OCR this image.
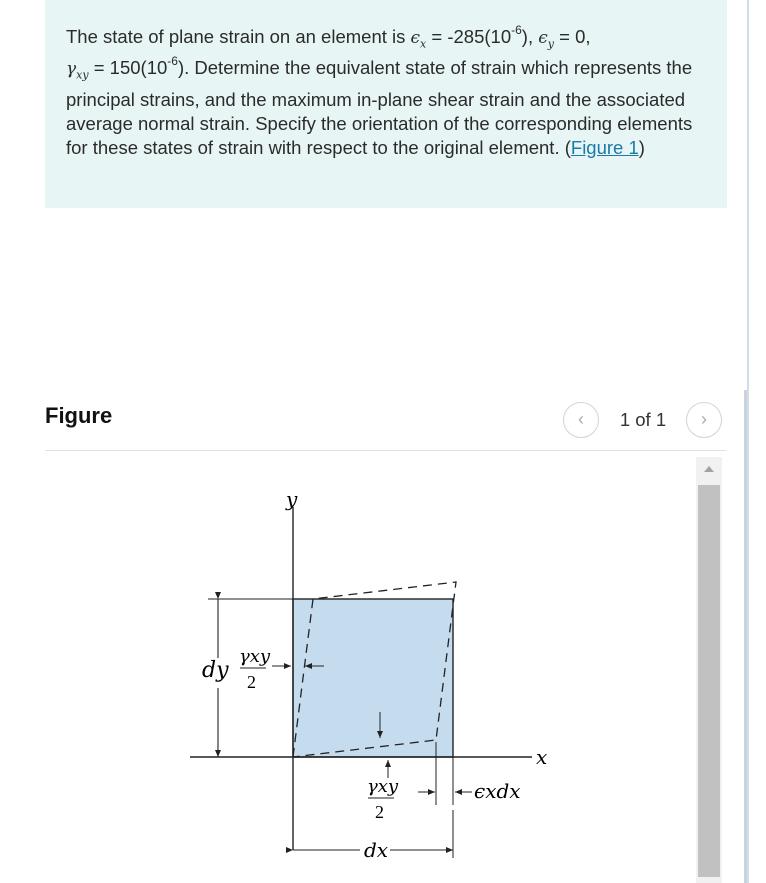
The state of plane strain on an element is $\epsilon_x = -285(10^{-6})$, $\epsilon_y = 0$,
$\gamma_{xy} = 150(10^{-6})$. Determine the equivalent state of strain which represents the principal strains, and the maximum in-plane shear strain and the associated average normal strain. Specify the orientation of the corresponding elements for these states of strain with respect to the original element. (Figure 1)
Figure	‹	1 of 1	›
y
x
dy
γxy
2
γxy
2
ϵxdx
dx
